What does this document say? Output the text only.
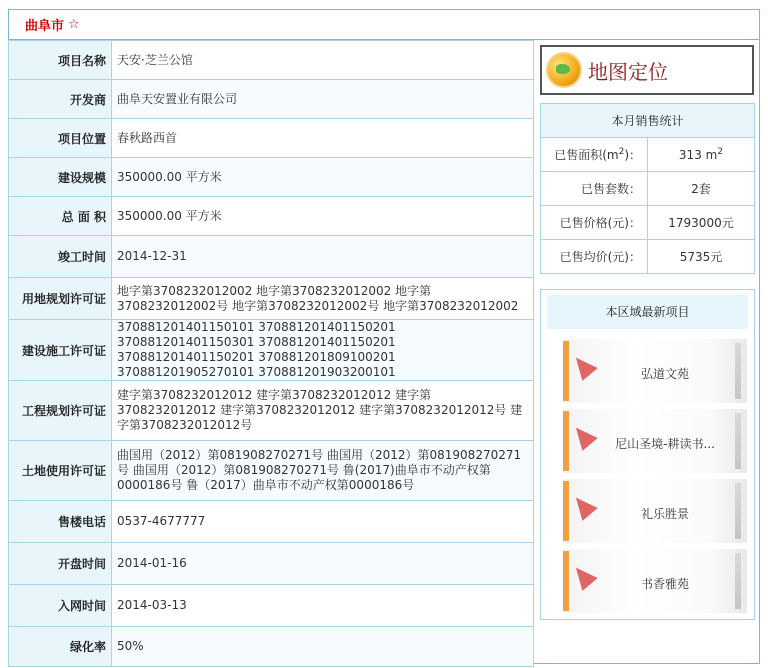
曲阜市 ☆
项目名称	天安·芝兰公馆
开发商	曲阜天安置业有限公司
项目位置	春秋路西首
建设规模	350000.00 平方米
总 面 积	350000.00 平方米
竣工时间	2014-12-31
用地规划许可证	地字第3708232012002 地字第3708232012002 地字第3708232012002号 地字第3708232012002号 地字第3708232012002
建设施工许可证	370881201401150101 370881201401150201 370881201401150301 370881201401150201 370881201401150201 370881201809100201 370881201905270101 370881201903200101
工程规划许可证	建字第3708232012012 建字第3708232012012 建字第3708232012012 建字第3708232012012 建字第3708232012012号 建字第3708232012012号
土地使用许可证	曲国用（2012）第081908270271号 曲国用（2012）第081908270271号 曲国用（2012）第081908270271号 鲁(2017)曲阜市不动产权第0000186号 鲁（2017）曲阜市不动产权第0000186号
售楼电话	0537-4677777
开盘时间	2014-01-16
入网时间	2014-03-13
绿化率	50%
地图定位
本月销售统计	
已售面积$(m^2)$：	313 $m^2$
已售套数：	2套
已售价格(元)：	1793000元
已售均价(元)：	5735元
本区域最新项目
弘道文苑
尼山圣境-耕读书...
礼乐胜景
书香雅苑
